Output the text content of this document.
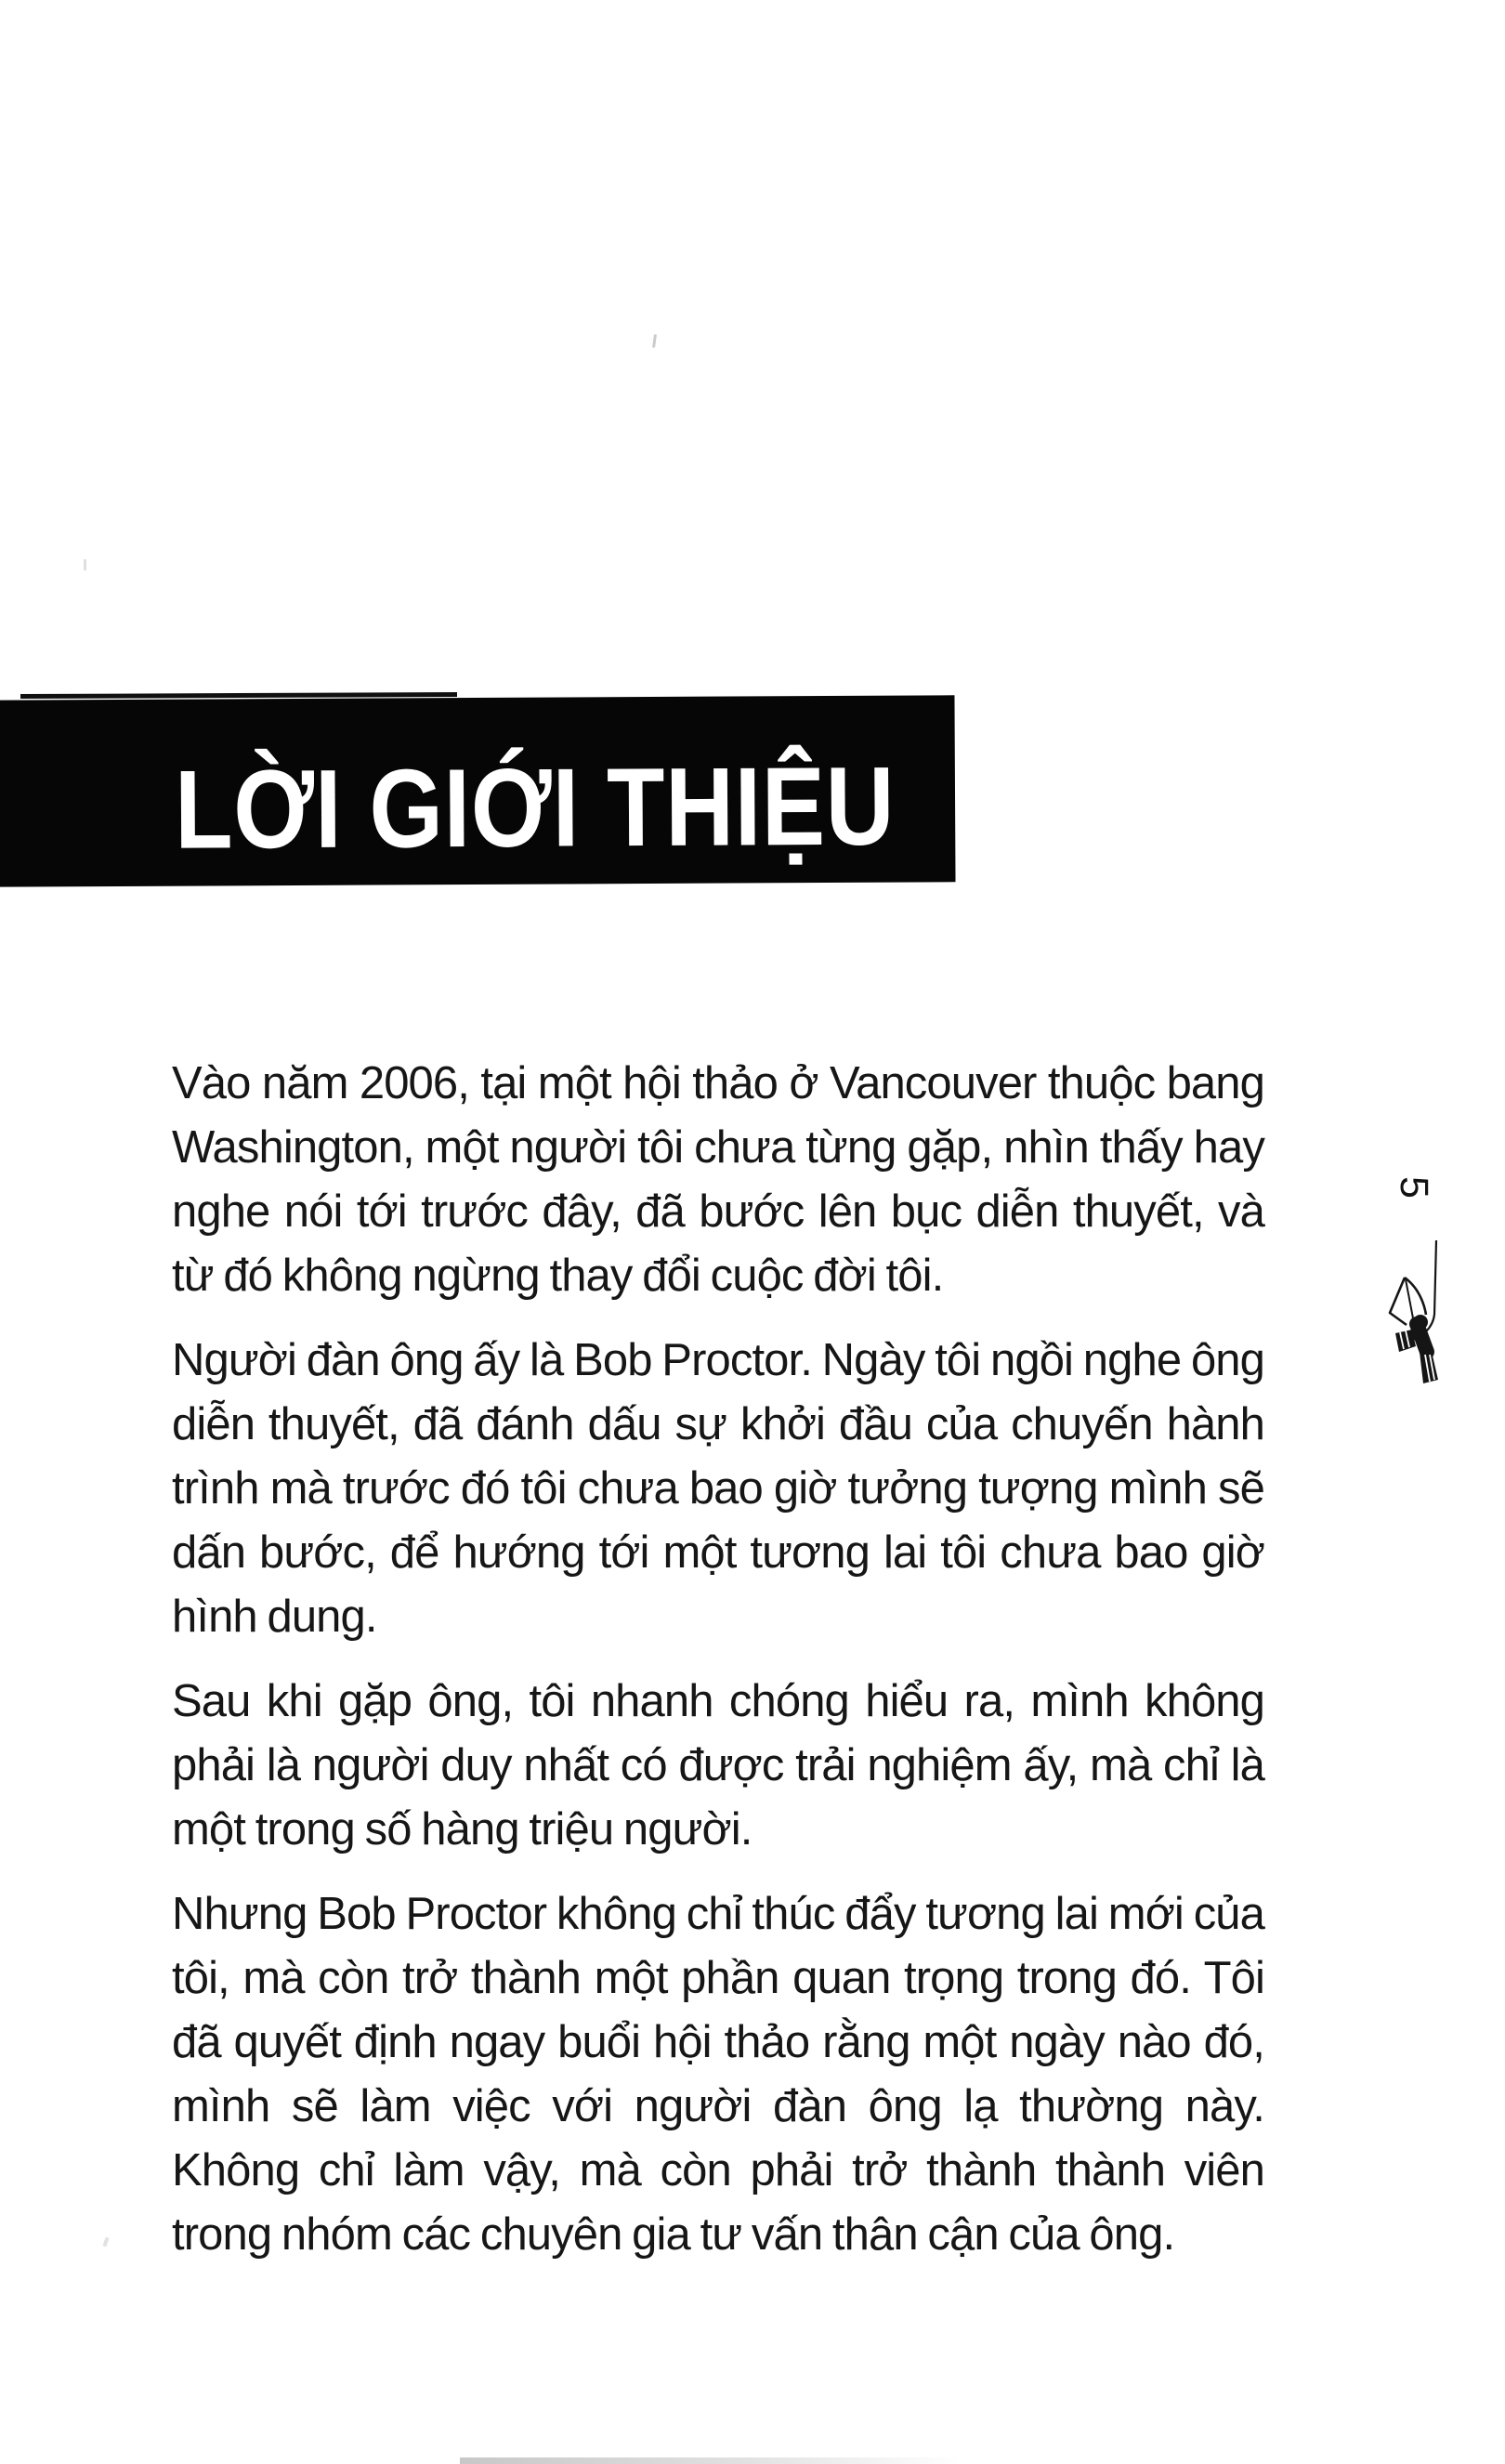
LỜI GIỚI THIỆU

Vào năm 2006, tại một hội thảo ở Vancouver thuộc bang Washington, một người tôi chưa từng gặp, nhìn thấy hay nghe nói tới trước đây, đã bước lên bục diễn thuyết, và từ đó không ngừng thay đổi cuộc đời tôi.

Người đàn ông ấy là Bob Proctor. Ngày tôi ngồi nghe ông diễn thuyết, đã đánh dấu sự khởi đầu của chuyến hành trình mà trước đó tôi chưa bao giờ tưởng tượng mình sẽ dấn bước, để hướng tới một tương lai tôi chưa bao giờ hình dung.

Sau khi gặp ông, tôi nhanh chóng hiểu ra, mình không phải là người duy nhất có được trải nghiệm ấy, mà chỉ là một trong số hàng triệu người.

Nhưng Bob Proctor không chỉ thúc đẩy tương lai mới của tôi, mà còn trở thành một phần quan trọng trong đó. Tôi đã quyết định ngay buổi hội thảo rằng một ngày nào đó, mình sẽ làm việc với người đàn ông lạ thường này. Không chỉ làm vậy, mà còn phải trở thành thành viên trong nhóm các chuyên gia tư vấn thân cận của ông.

5
